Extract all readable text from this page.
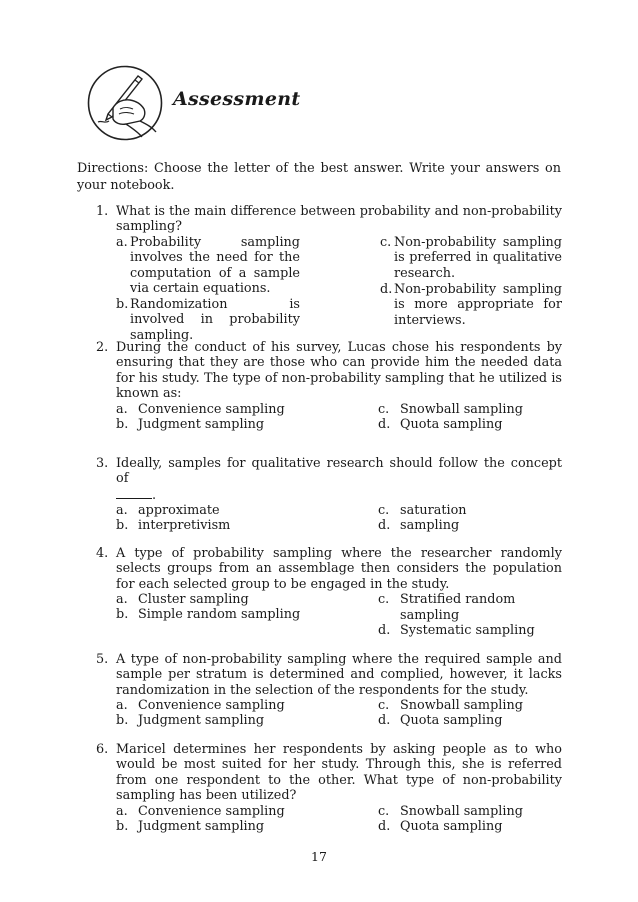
Assessment
Directions: Choose the letter of the best answer. Write your answers on your notebook.
1. What is the main difference between probability and non-probability sampling?
a. Probability sampling involves the need for the computation of a sample via certain equations.
b. Randomization is involved in probability sampling.
c. Non-probability sampling is preferred in qualitative research.
d. Non-probability sampling is more appropriate for interviews.
2. During the conduct of his survey, Lucas chose his respondents by ensuring that they are those who can provide him the needed data for his study. The type of non-probability sampling that he utilized is known as:
a. Convenience sampling
b. Judgment sampling
c. Snowball sampling
d. Quota sampling
3. Ideally, samples for qualitative research should follow the concept of
.
a. approximate
b. interpretivism
c. saturation
d. sampling
4. A type of probability sampling where the researcher randomly selects groups from an assemblage then considers the population for each selected group to be engaged in the study.
a. Cluster sampling
b. Simple random sampling
c. Stratified random sampling
d. Systematic sampling
5. A type of non-probability sampling where the required sample and sample per stratum is determined and complied, however, it lacks randomization in the selection of the respondents for the study.
a. Convenience sampling
b. Judgment sampling
c. Snowball sampling
d. Quota sampling
6. Maricel determines her respondents by asking people as to who would be most suited for her study. Through this, she is referred from one respondent to the other. What type of non-probability sampling has been utilized?
a. Convenience sampling
b. Judgment sampling
c. Snowball sampling
d. Quota sampling
17
